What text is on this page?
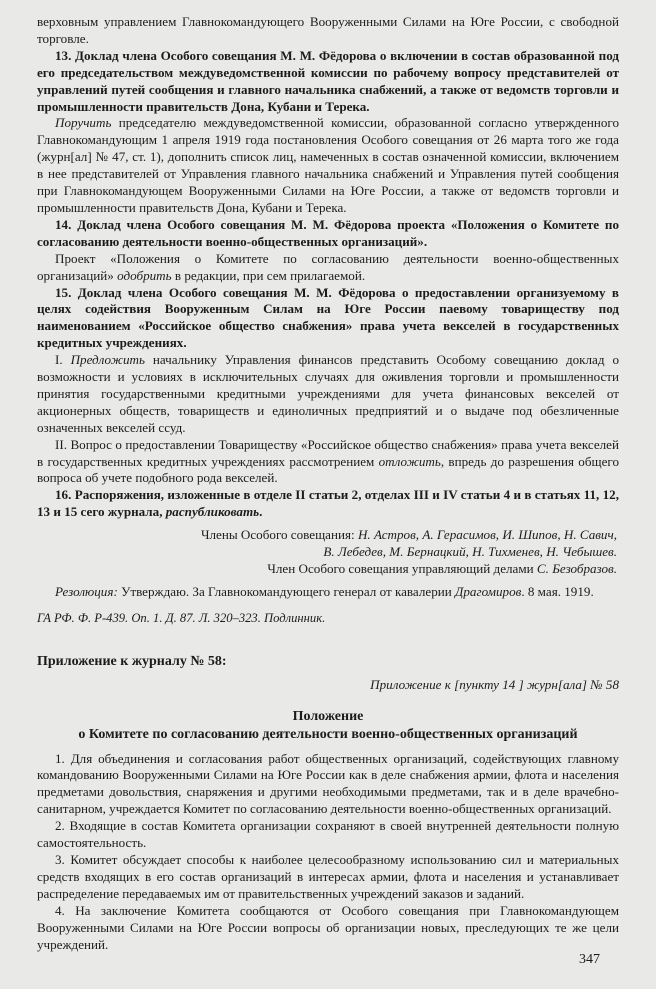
верховным управлением Главнокомандующего Вооруженными Силами на Юге России, с свободной торговле.

13. Доклад члена Особого совещания М. М. Фёдорова о включении в состав образованной под его председательством междуведомственной комиссии по рабочему вопросу представителей от управлений путей сообщения и главного начальника снабжений, а также от ведомств торговли и промышленности правительств Дона, Кубани и Терека.

Поручить председателю междуведомственной комиссии, образованной согласно утвержденного Главнокомандующим 1 апреля 1919 года постановления Особого совещания от 26 марта того же года (журн[ал] № 47, ст. 1), дополнить список лиц, намеченных в состав означенной комиссии, включением в нее представителей от Управления главного начальника снабжений и Управления путей сообщения при Главнокомандующем Вооруженными Силами на Юге России, а также от ведомств торговли и промышленности правительств Дона, Кубани и Терека.

14. Доклад члена Особого совещания М. М. Фёдорова проекта «Положения о Комитете по согласованию деятельности военно-общественных организаций».

Проект «Положения о Комитете по согласованию деятельности военно-общественных организаций» одобрить в редакции, при сем прилагаемой.

15. Доклад члена Особого совещания М. М. Фёдорова о предоставлении организуемому в целях содействия Вооруженным Силам на Юге России паевому товариществу под наименованием «Российское общество снабжения» права учета векселей в государственных кредитных учреждениях.

I. Предложить начальнику Управления финансов представить Особому совещанию доклад о возможности и условиях в исключительных случаях для оживления торговли и промышленности принятия государственными кредитными учреждениями для учета финансовых векселей от акционерных обществ, товариществ и единоличных предприятий и о выдаче под обезличенные означенных векселей ссуд.

II. Вопрос о предоставлении Товариществу «Российское общество снабжения» права учета векселей в государственных кредитных учреждениях рассмотрением отложить, впредь до разрешения общего вопроса об учете подобного рода векселей.

16. Распоряжения, изложенные в отделе II статьи 2, отделах III и IV статьи 4 и в статьях 11, 12, 13 и 15 сего журнала, распубликовать.

Члены Особого совещания: Н. Астров, А. Герасимов, И. Шипов, Н. Савич,

В. Лебедев, М. Бернацкий, Н. Тихменев, Н. Чебышев.

Член Особого совещания управляющий делами С. Безобразов.

Резолюция: Утверждаю. За Главнокомандующего генерал от кавалерии Драгомиров. 8 мая. 1919.

ГА РФ. Ф. Р-439. Оп. 1. Д. 87. Л. 320–323. Подлинник.

Приложение к журналу № 58:

Приложение к [пункту 14 ] журн[ала] № 58

Положение

о Комитете по согласованию деятельности военно-общественных организаций

1. Для объединения и согласования работ общественных организаций, содействующих главному командованию Вооруженными Силами на Юге России как в деле снабжения армии, флота и населения предметами довольствия, снаряжения и другими необходимыми предметами, так и в деле врачебно-санитарном, учреждается Комитет по согласованию деятельности военно-общественных организаций.

2. Входящие в состав Комитета организации сохраняют в своей внутренней деятельности полную самостоятельность.

3. Комитет обсуждает способы к наиболее целесообразному использованию сил и материальных средств входящих в его состав организаций в интересах армии, флота и населения и устанавливает распределение передаваемых им от правительственных учреждений заказов и заданий.

4. На заключение Комитета сообщаются от Особого совещания при Главнокомандующем Вооруженными Силами на Юге России вопросы об организации новых, преследующих те же цели учреждений.

347
